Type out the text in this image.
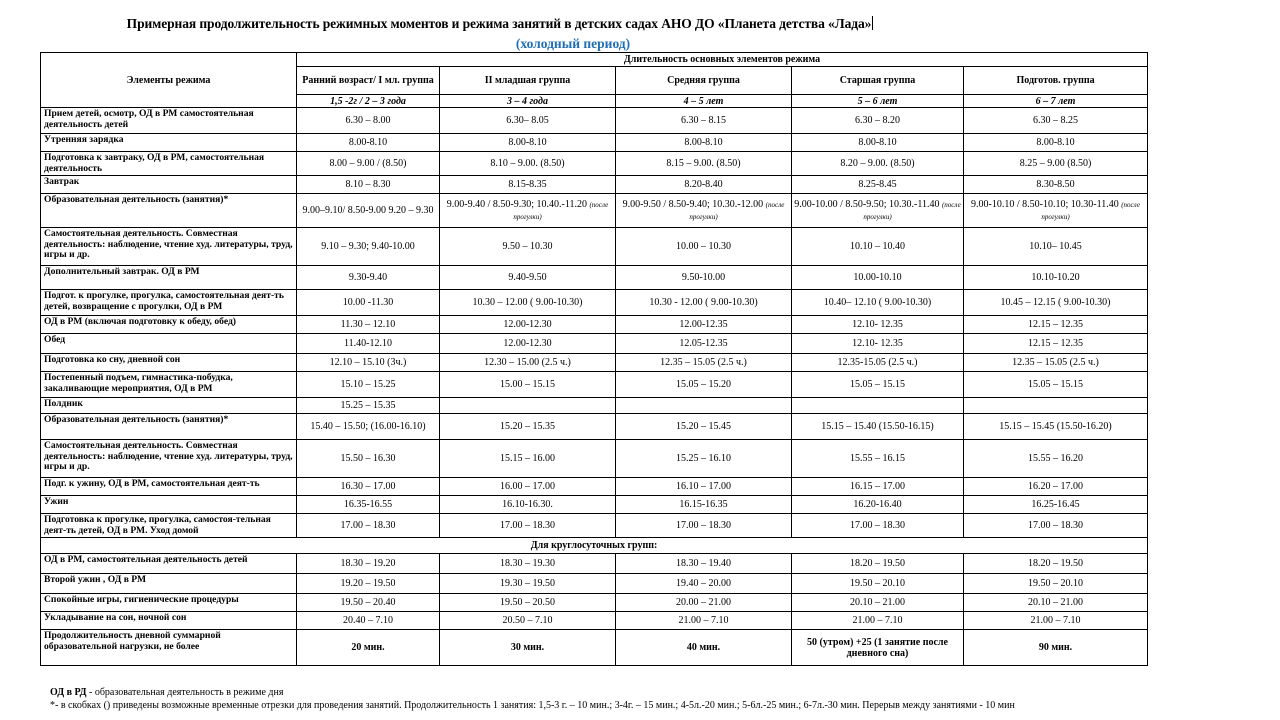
Примерная продолжительность режимных моментов и режима занятий в детских садах АНО ДО «Планета детства «Лада»
(холодный период)
Элементы режима	Длительность основных элементов режима				
	Ранний возраст/ I мл. группа	II младшая группа	Средняя группа	Старшая группа	Подготов. группа
	1,5 -2г / 2 – 3 года	3 – 4 года	4 – 5 лет	5 – 6 лет	6 – 7 лет
Прием детей, осмотр, ОД в РМ самостоятельная деятельность детей	6.30 – 8.00	6.30– 8.05	6.30 – 8.15	6.30 – 8.20	6.30 – 8.25
Утренняя зарядка	8.00-8.10	8.00-8.10	8.00-8.10	8.00-8.10	8.00-8.10
Подготовка к завтраку, ОД в РМ, самостоятельная деятельность	8.00 – 9.00 / (8.50)	8.10 – 9.00. (8.50)	8.15 – 9.00. (8.50)	8.20 – 9.00. (8.50)	8.25 – 9.00 (8.50)
Завтрак	8.10 – 8.30	8.15-8.35	8.20-8.40	8.25-8.45	8.30-8.50
Образовательная деятельность (занятия)*	9.00–9.10/ 8.50-9.00 9.20 – 9.30	9.00-9.40 / 8.50-9.30; 10.40.-11.20 (после прогулки)	9.00-9.50 / 8.50-9.40; 10.30.-12.00 (после прогулки)	9.00-10.00 / 8.50-9.50; 10.30.-11.40 (после прогулки)	9.00-10.10 / 8.50-10.10; 10.30-11.40 (после прогулки)
Самостоятельная деятельность. Совместная деятельность: наблюдение, чтение худ. литературы, труд, игры и др.	9.10 – 9.30; 9.40-10.00	9.50 – 10.30	10.00 – 10.30	10.10 – 10.40	10.10– 10.45
Дополнительный завтрак. ОД в РМ	9.30-9.40	9.40-9.50	9.50-10.00	10.00-10.10	10.10-10.20
Подгот. к прогулке, прогулка, самостоятельная деят-ть детей, возвращение с прогулки, ОД в РМ	10.00 -11.30	10.30 – 12.00 ( 9.00-10.30)	10.30 - 12.00 ( 9.00-10.30)	10.40– 12.10 ( 9.00-10.30)	10.45 – 12.15 ( 9.00-10.30)
ОД в РМ (включая подготовку к обеду, обед)	11.30 – 12.10	12.00-12.30	12.00-12.35	12.10- 12.35	12.15 – 12.35
Обед	11.40-12.10	12.00-12.30	12.05-12.35	12.10- 12.35	12.15 – 12.35
Подготовка ко сну, дневной сон	12.10 – 15.10 (3ч.)	12.30 – 15.00 (2.5 ч.)	12.35 – 15.05 (2.5 ч.)	12.35-15.05 (2.5 ч.)	12.35 – 15.05 (2.5 ч.)
Постепенный подъем, гимнастика-побудка, закаливающие мероприятия, ОД в РМ	15.10 – 15.25	15.00 – 15.15	15.05 – 15.20	15.05 – 15.15	15.05 – 15.15
Полдник	15.25 – 15.35				
Образовательная деятельность (занятия)*	15.40 – 15.50; (16.00-16.10)	15.20 – 15.35	15.20 – 15.45	15.15 – 15.40 (15.50-16.15)	15.15 – 15.45 (15.50-16.20)
Самостоятельная деятельность. Совместная деятельность: наблюдение, чтение худ. литературы, труд, игры и др.	15.50 – 16.30	15.15 – 16.00	15.25 – 16.10	15.55 – 16.15	15.55 – 16.20
Подг. к ужину, ОД в РМ, самостоятельная деят-ть	16.30 – 17.00	16.00 – 17.00	16.10 – 17.00	16.15 – 17.00	16.20 – 17.00
Ужин	16.35-16.55	16.10-16.30.	16.15-16.35	16.20-16.40	16.25-16.45
Подготовка к прогулке, прогулка, самостоя-тельная деят-ть детей, ОД в РМ. Уход домой	17.00 – 18.30	17.00 – 18.30	17.00 – 18.30	17.00 – 18.30	17.00 – 18.30
Для круглосуточных групп:					
ОД в РМ, самостоятельная деятельность детей	18.30 – 19.20	18.30 – 19.30	18.30 – 19.40	18.20 – 19.50	18.20 – 19.50
Второй ужин , ОД в РМ	19.20 – 19.50	19.30 – 19.50	19.40 – 20.00	19.50 – 20.10	19.50 – 20.10
Спокойные игры, гигиенические процедуры	19.50 – 20.40	19.50 – 20.50	20.00 – 21.00	20.10 – 21.00	20.10 – 21.00
Укладывание на сон, ночной сон	20.40 – 7.10	20.50 – 7.10	21.00 – 7.10	21.00 – 7.10	21.00 – 7.10
Продолжительность дневной суммарной образовательной нагрузки, не более	20 мин.	30 мин.	40 мин.	50 (утром) +25 (1 занятие после дневного сна)	90 мин.
ОД в РД - образовательная деятельность в режиме дня
*- в скобках () приведены возможные временные отрезки для проведения занятий. Продолжительность 1 занятия: 1,5-3 г. – 10 мин.; 3-4г. – 15 мин.; 4-5л.-20 мин.; 5-6л.-25 мин.; 6-7л.-30 мин. Перерыв между занятиями - 10 мин
